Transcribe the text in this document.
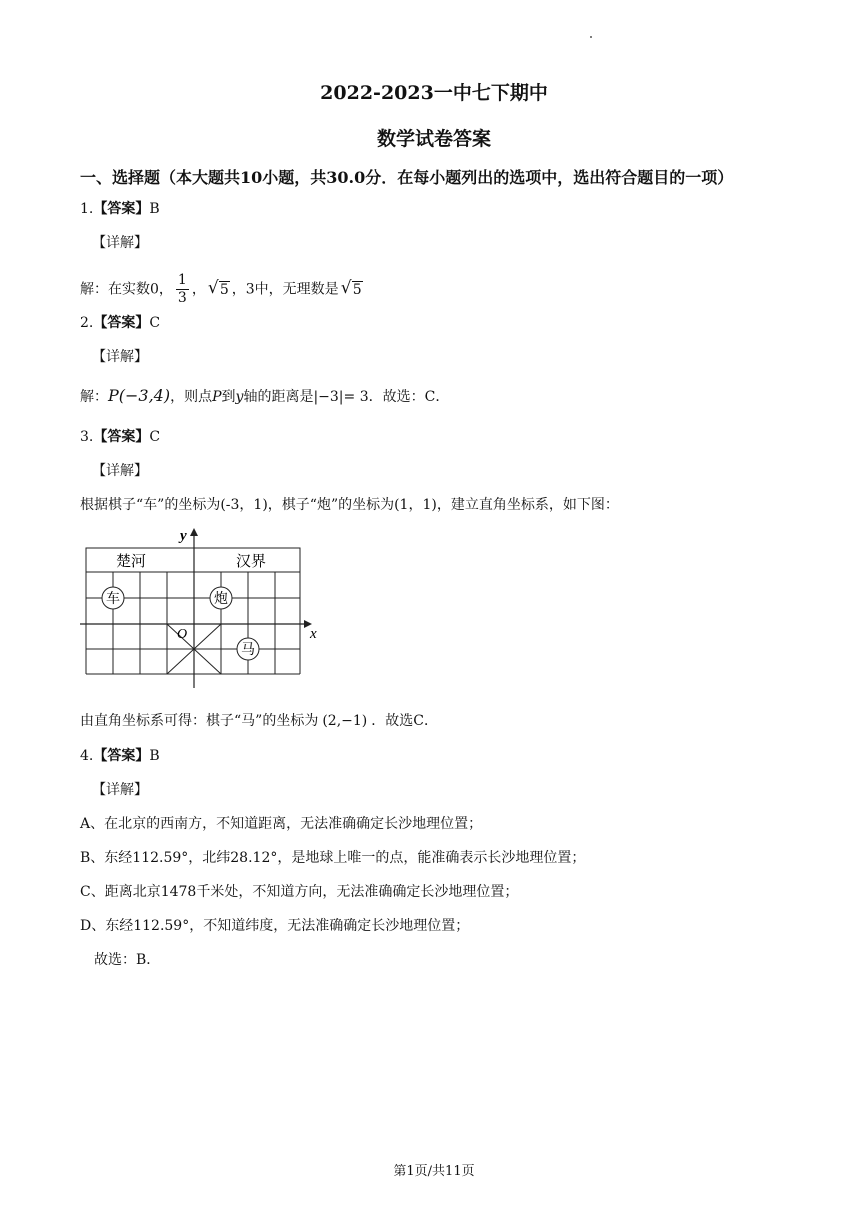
2022-2023一中七下期中
数学试卷答案
一、选择题（本大题共10小题，共30.0分．在每小题列出的选项中，选出符合题目的一项）
1.【答案】B
【详解】
解：在实数0， $\frac{1}{3}$ ， √ 5 ，3中，无理数是 √ 5
2.【答案】C
【详解】
解：P(−3,4)，则点P到y轴的距离是|−3|= 3．故选：C．
3.【答案】C
【详解】
根据棋子“车”的坐标为(-3，1)，棋子“炮”的坐标为(1，1)，建立直角坐标系，如下图：
x
y
O
楚河	汉界
车	炮
马
由直角坐标系可得：棋子“马”的坐标为 (2,−1) ．故选C．
4.【答案】B
【详解】
A、在北京的西南方，不知道距离，无法准确确定长沙地理位置；
B、东经112.59°，北纬28.12°，是地球上唯一的点，能准确表示长沙地理位置；
C、距离北京1478千米处，不知道方向，无法准确确定长沙地理位置；
D、东经112.59°，不知道纬度，无法准确确定长沙地理位置；
故选：B．
第1页/共11页
